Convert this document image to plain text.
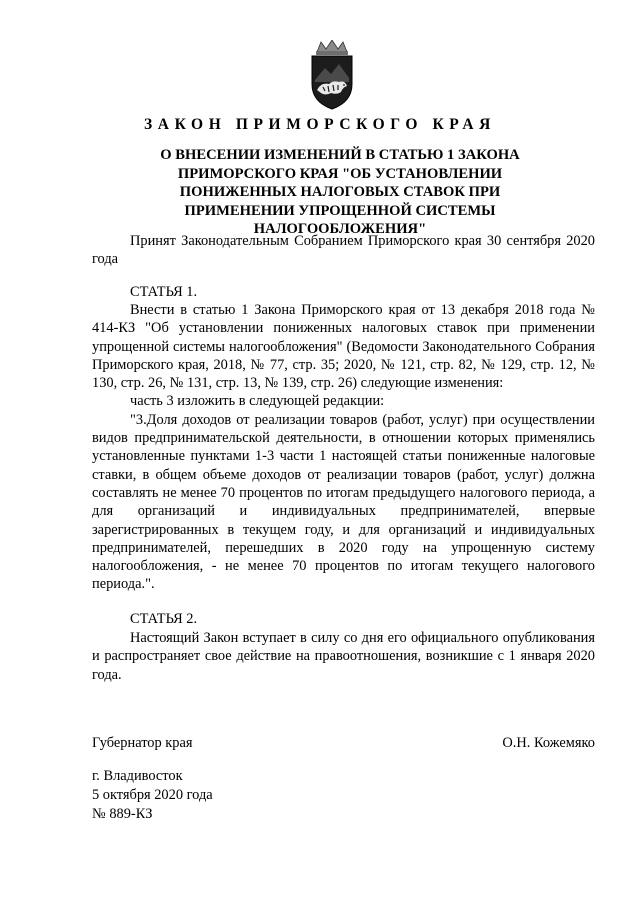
ЗАКОН ПРИМОРСКОГО КРАЯ
О ВНЕСЕНИИ ИЗМЕНЕНИЙ В СТАТЬЮ 1 ЗАКОНА ПРИМОРСКОГО КРАЯ "ОБ УСТАНОВЛЕНИИ ПОНИЖЕННЫХ НАЛОГОВЫХ СТАВОК ПРИ ПРИМЕНЕНИИ УПРОЩЕННОЙ СИСТЕМЫ НАЛОГООБЛОЖЕНИЯ"
Принят Законодательным Собранием Приморского края 30 сентября 2020 года
СТАТЬЯ 1.

Внести в статью 1 Закона Приморского края от 13 декабря 2018 года № 414-КЗ "Об установлении пониженных налоговых ставок при применении упрощенной системы налогообложения" (Ведомости Законодательного Собрания Приморского края, 2018, № 77, стр. 35; 2020, № 121, стр. 82, № 129, стр. 12, № 130, стр. 26, № 131, стр. 13, № 139, стр. 26) следующие изменения:

часть 3 изложить в следующей редакции:

"3.Доля доходов от реализации товаров (работ, услуг) при осуществлении видов предпринимательской деятельности, в отношении которых применялись установленные пунктами 1-3 части 1 настоящей статьи пониженные налоговые ставки, в общем объеме доходов от реализации товаров (работ, услуг) должна составлять не менее 70 процентов по итогам предыдущего налогового периода, а для организаций и индивидуальных предпринимателей, впервые зарегистрированных в текущем году, и для организаций и индивидуальных предпринимателей, перешедших в 2020 году на упрощенную систему налогообложения, - не менее 70 процентов по итогам текущего налогового периода.".

СТАТЬЯ 2.
Настоящий Закон вступает в силу со дня его официального опубликования и распространяет свое действие на правоотношения, возникшие с 1 января 2020 года.
Губернатор края	О.Н. Кожемяко
г. Владивосток
5 октября 2020 года
№ 889-КЗ
